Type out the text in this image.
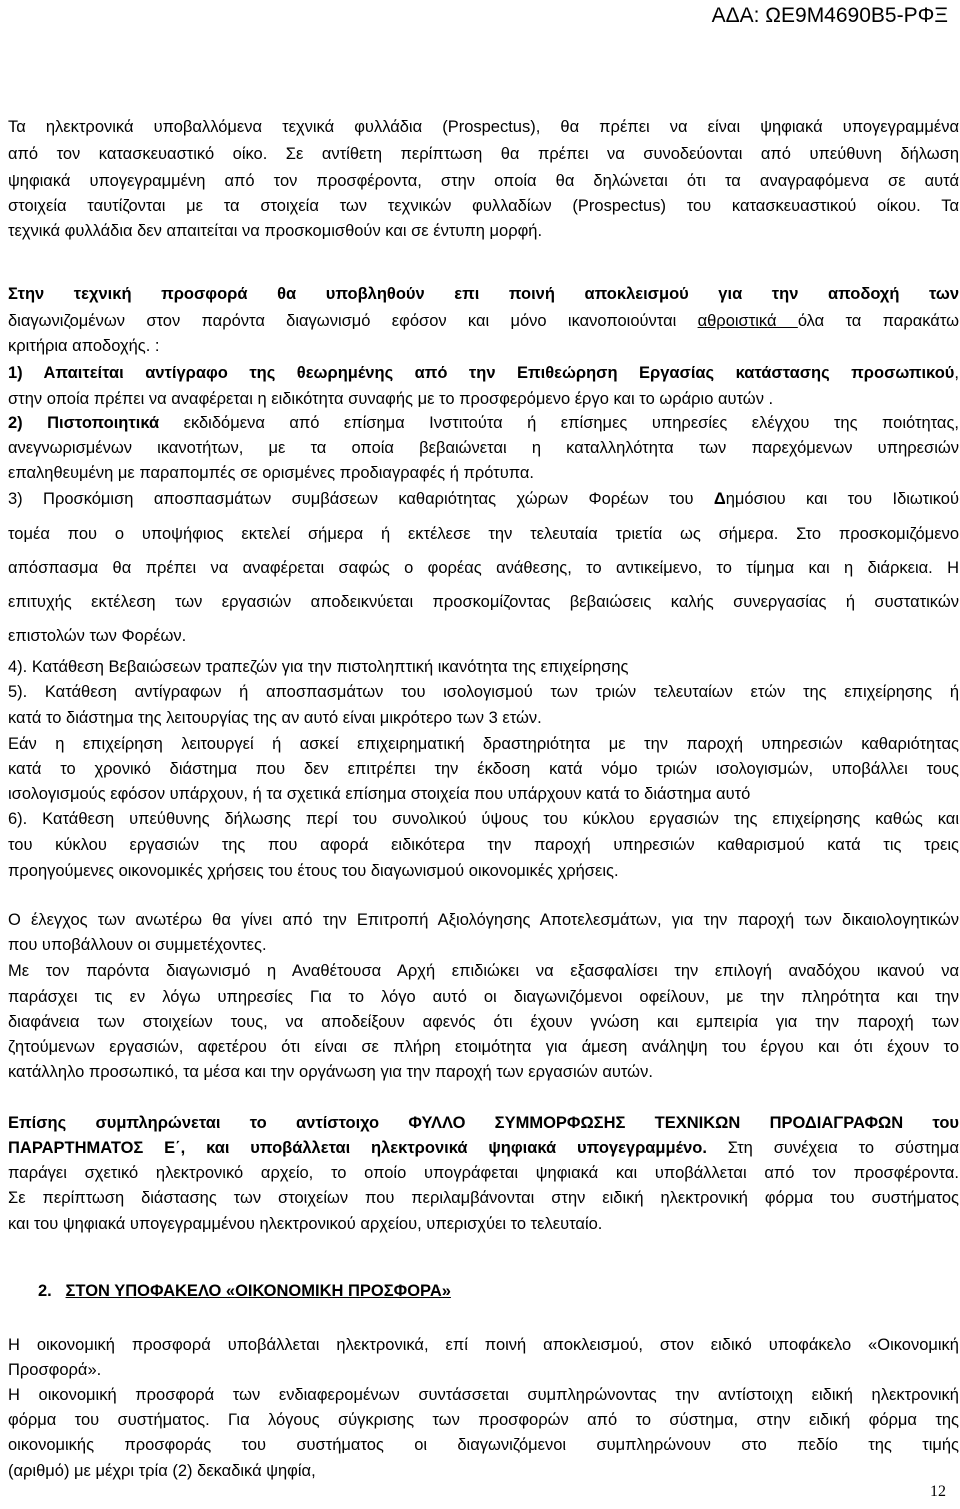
ΑΔΑ: ΩΕ9Μ4690Β5-ΡΦΞ
Τα ηλεκτρονικά υποβαλλόμενα τεχνικά φυλλάδια (Prospectus), θα πρέπει να είναι ψηφιακά υπογεγραμμένα
από τον κατασκευαστικό οίκο. Σε αντίθετη περίπτωση θα πρέπει να συνοδεύονται από υπεύθυνη δήλωση
ψηφιακά υπογεγραμμένη από τον προσφέροντα, στην οποία θα δηλώνεται ότι τα αναγραφόμενα σε αυτά
στοιχεία ταυτίζονται με τα στοιχεία των τεχνικών φυλλαδίων (Prospectus) του κατασκευαστικού οίκου. Τα
τεχνικά φυλλάδια δεν απαιτείται να προσκομισθούν και σε έντυπη μορφή.
Στην τεχνική προσφορά θα υποβληθούν επι ποινή αποκλεισμού για την αποδοχή των
διαγωνιζομένων στον παρόντα διαγωνισμό εφόσον και μόνο ικανοποιούνται αθροιστικά όλα τα παρακάτω
κριτήρια αποδοχής. :
1) Απαιτείται αντίγραφο της θεωρημένης από την Επιθεώρηση Εργασίας κατάστασης προσωπικού,
στην οποία πρέπει να αναφέρεται η ειδικότητα συναφής με το προσφερόμενο έργο και το ωράριο αυτών .
2) Πιστοποιητικά εκδιδόμενα από επίσημα Ινστιτούτα ή επίσημες υπηρεσίες ελέγχου της ποιότητας,
ανεγνωρισμένων ικανοτήτων, με τα οποία βεβαιώνεται η καταλληλότητα των παρεχόμενων υπηρεσιών
επαληθευμένη με παραπομπές σε ορισμένες προδιαγραφές ή πρότυπα.
3) Προσκόμιση αποσπασμάτων συμβάσεων καθαριότητας χώρων Φορέων του Δημόσιου και του Ιδιωτικού
τομέα που ο υποψήφιος εκτελεί σήμερα ή εκτέλεσε την τελευταία τριετία ως σήμερα. Στο προσκομιζόμενο
απόσπασμα θα πρέπει να αναφέρεται σαφώς ο φορέας ανάθεσης, το αντικείμενο, το τίμημα και η διάρκεια. Η
επιτυχής εκτέλεση των εργασιών αποδεικνύεται προσκομίζοντας βεβαιώσεις καλής συνεργασίας ή συστατικών
επιστολών των Φορέων.
4). Κατάθεση Βεβαιώσεων τραπεζών για την πιστοληπτική ικανότητα της επιχείρησης
5). Κατάθεση αντίγραφων ή αποσπασμάτων του ισολογισμού των τριών τελευταίων ετών της επιχείρησης ή
κατά το διάστημα της λειτουργίας της αν αυτό είναι μικρότερο των 3 ετών.
Εάν η επιχείρηση λειτουργεί ή ασκεί επιχειρηματική δραστηριότητα με την παροχή υπηρεσιών καθαριότητας
κατά το χρονικό διάστημα που δεν επιτρέπει την έκδοση κατά νόμο τριών ισολογισμών, υποβάλλει τους
ισολογισμούς εφόσον υπάρχουν, ή τα σχετικά επίσημα στοιχεία που υπάρχουν κατά το διάστημα αυτό
6). Κατάθεση υπεύθυνης δήλωσης περί του συνολικού ύψους του κύκλου εργασιών της επιχείρησης καθώς και
του κύκλου εργασιών της που αφορά ειδικότερα την παροχή υπηρεσιών καθαρισμού κατά τις τρεις
προηγούμενες οικονομικές χρήσεις του έτους του διαγωνισμού οικονομικές χρήσεις.
Ο έλεγχος των ανωτέρω θα γίνει από την Επιτροπή Αξιολόγησης Αποτελεσμάτων, για την παροχή των δικαιολογητικών
που υποβάλλουν οι συμμετέχοντες.
Με τον παρόντα διαγωνισμό η Αναθέτουσα Αρχή επιδιώκει να εξασφαλίσει την επιλογή αναδόχου ικανού να
παράσχει τις εν λόγω υπηρεσίες Για το λόγο αυτό οι διαγωνιζόμενοι οφείλουν, με την πληρότητα και την
διαφάνεια των στοιχείων τους, να αποδείξουν αφενός ότι έχουν γνώση και εμπειρία για την παροχή των
ζητούμενων εργασιών, αφετέρου ότι είναι σε πλήρη ετοιμότητα για άμεση ανάληψη του έργου και ότι έχουν το
κατάλληλο προσωπικό, τα μέσα και την οργάνωση για την παροχή των εργασιών αυτών.
Επίσης συμπληρώνεται το αντίστοιχο ΦΥΛΛΟ ΣΥΜΜΟΡΦΩΣΗΣ ΤΕΧΝΙΚΩΝ ΠΡΟΔΙΑΓΡΑΦΩΝ του
ΠΑΡΑΡΤΗΜΑΤΟΣ Ε΄, και υποβάλλεται ηλεκτρονικά ψηφιακά υπογεγραμμένο. Στη συνέχεια το σύστημα
παράγει σχετικό ηλεκτρονικό αρχείο, το οποίο υπογράφεται ψηφιακά και υποβάλλεται από τον προσφέροντα.
Σε περίπτωση διάστασης των στοιχείων που περιλαμβάνονται στην ειδική ηλεκτρονική φόρμα του συστήματος
και του ψηφιακά υπογεγραμμένου ηλεκτρονικού αρχείου, υπερισχύει το τελευταίο.
2. ΣΤΟΝ ΥΠΟΦΑΚΕΛΟ «ΟΙΚΟΝΟΜΙΚΗ ΠΡΟΣΦΟΡΑ»
Η οικονομική προσφορά υποβάλλεται ηλεκτρονικά, επί ποινή αποκλεισμού, στον ειδικό υποφάκελο «Οικονομική
Προσφορά».
Η οικονομική προσφορά των ενδιαφερομένων συντάσσεται συμπληρώνοντας την αντίστοιχη ειδική ηλεκτρονική
φόρμα του συστήματος. Για λόγους σύγκρισης των προσφορών από το σύστημα, στην ειδική φόρμα της
οικονομικής προσφοράς του συστήματος οι διαγωνιζόμενοι συμπληρώνουν στο πεδίο της τιμής
(αριθμό) με μέχρι τρία (2) δεκαδικά ψηφία,
12
